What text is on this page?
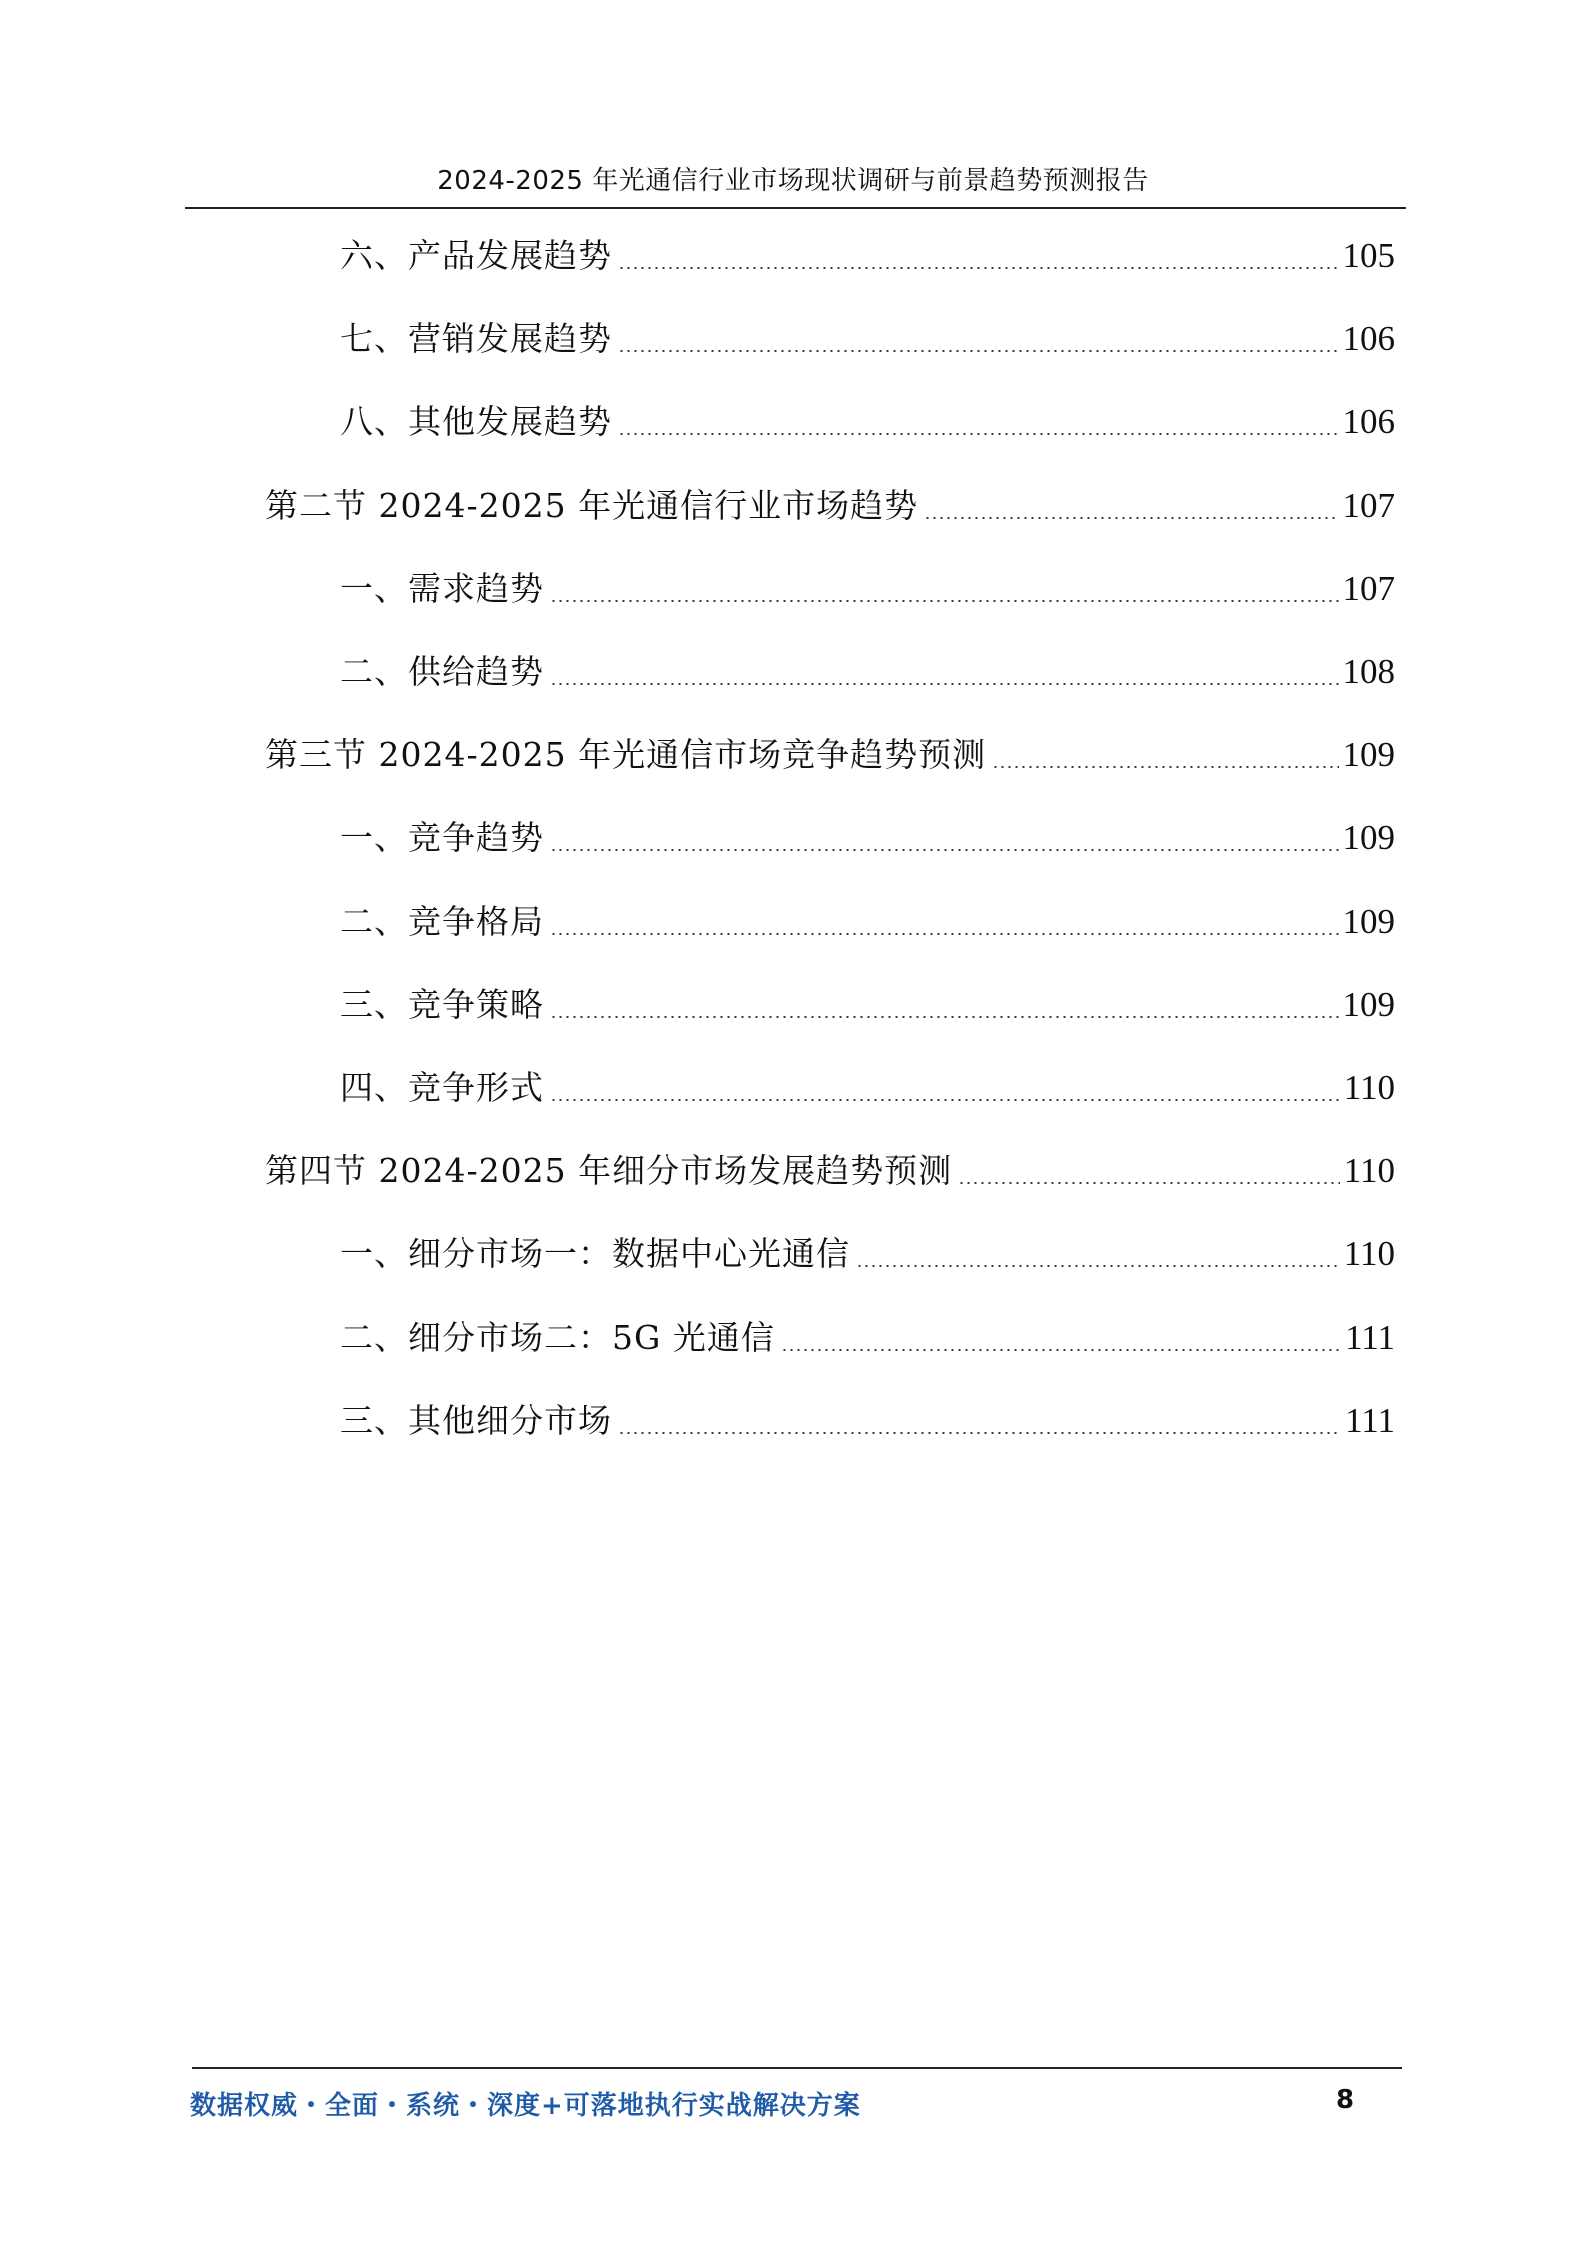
2024-2025 年光通信行业市场现状调研与前景趋势预测报告
六、产品发展趋势	105
七、营销发展趋势	106
八、其他发展趋势	106
第二节 2024-2025 年光通信行业市场趋势	107
一、需求趋势	107
二、供给趋势	108
第三节 2024-2025 年光通信市场竞争趋势预测	109
一、竞争趋势	109
二、竞争格局	109
三、竞争策略	109
四、竞争形式	110
第四节 2024-2025 年细分市场发展趋势预测	110
一、细分市场一：数据中心光通信	110
二、细分市场二：5G 光通信	111
三、其他细分市场	111
数据权威・全面・系统・深度+可落地执行实战解决方案	8
